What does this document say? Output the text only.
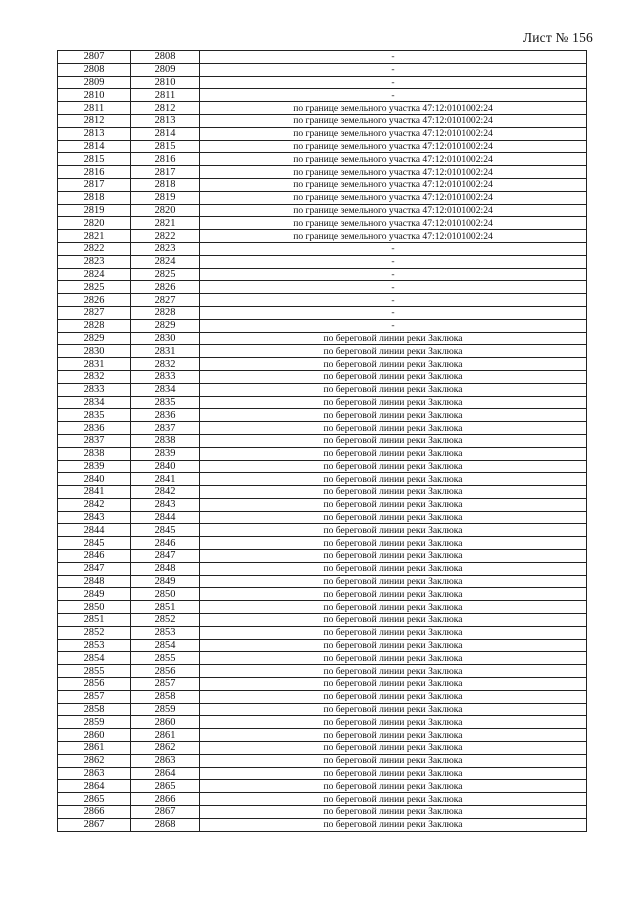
Лист № 156
2807	2808	-
2808	2809	-
2809	2810	-
2810	2811	-
2811	2812	по границе земельного участка 47:12:0101002:24
2812	2813	по границе земельного участка 47:12:0101002:24
2813	2814	по границе земельного участка 47:12:0101002:24
2814	2815	по границе земельного участка 47:12:0101002:24
2815	2816	по границе земельного участка 47:12:0101002:24
2816	2817	по границе земельного участка 47:12:0101002:24
2817	2818	по границе земельного участка 47:12:0101002:24
2818	2819	по границе земельного участка 47:12:0101002:24
2819	2820	по границе земельного участка 47:12:0101002:24
2820	2821	по границе земельного участка 47:12:0101002:24
2821	2822	по границе земельного участка 47:12:0101002:24
2822	2823	-
2823	2824	-
2824	2825	-
2825	2826	-
2826	2827	-
2827	2828	-
2828	2829	-
2829	2830	по береговой линии реки Заклюка
2830	2831	по береговой линии реки Заклюка
2831	2832	по береговой линии реки Заклюка
2832	2833	по береговой линии реки Заклюка
2833	2834	по береговой линии реки Заклюка
2834	2835	по береговой линии реки Заклюка
2835	2836	по береговой линии реки Заклюка
2836	2837	по береговой линии реки Заклюка
2837	2838	по береговой линии реки Заклюка
2838	2839	по береговой линии реки Заклюка
2839	2840	по береговой линии реки Заклюка
2840	2841	по береговой линии реки Заклюка
2841	2842	по береговой линии реки Заклюка
2842	2843	по береговой линии реки Заклюка
2843	2844	по береговой линии реки Заклюка
2844	2845	по береговой линии реки Заклюка
2845	2846	по береговой линии реки Заклюка
2846	2847	по береговой линии реки Заклюка
2847	2848	по береговой линии реки Заклюка
2848	2849	по береговой линии реки Заклюка
2849	2850	по береговой линии реки Заклюка
2850	2851	по береговой линии реки Заклюка
2851	2852	по береговой линии реки Заклюка
2852	2853	по береговой линии реки Заклюка
2853	2854	по береговой линии реки Заклюка
2854	2855	по береговой линии реки Заклюка
2855	2856	по береговой линии реки Заклюка
2856	2857	по береговой линии реки Заклюка
2857	2858	по береговой линии реки Заклюка
2858	2859	по береговой линии реки Заклюка
2859	2860	по береговой линии реки Заклюка
2860	2861	по береговой линии реки Заклюка
2861	2862	по береговой линии реки Заклюка
2862	2863	по береговой линии реки Заклюка
2863	2864	по береговой линии реки Заклюка
2864	2865	по береговой линии реки Заклюка
2865	2866	по береговой линии реки Заклюка
2866	2867	по береговой линии реки Заклюка
2867	2868	по береговой линии реки Заклюка
